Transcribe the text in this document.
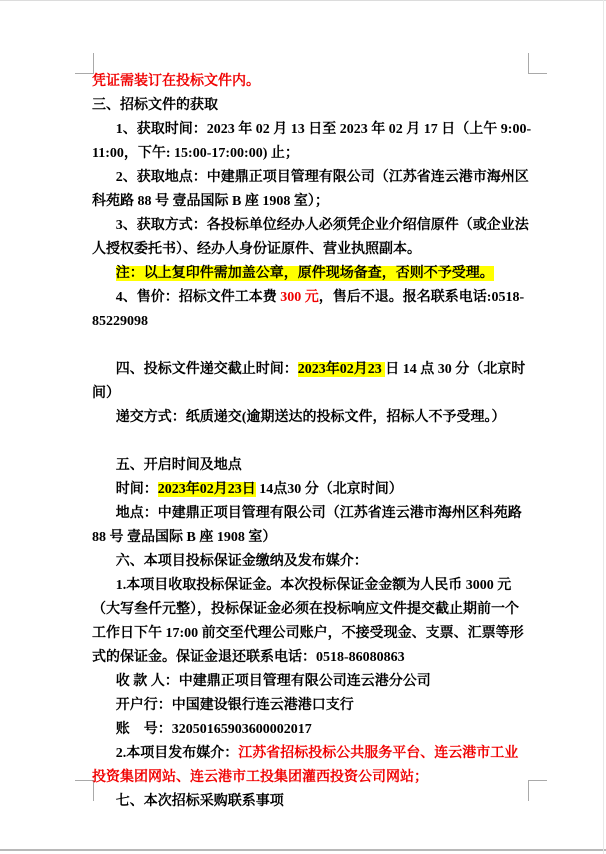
凭证需装订在投标文件内。

三、招标文件的获取

1、获取时间：2023 年 02 月 13 日至 2023 年 02 月 17 日（上午 9:00-11:00，下午: 15:00-17:00:00) 止；

2、获取地点：中建鼎正项目管理有限公司（江苏省连云港市海州区科苑路 88 号 壹品国际 B 座 1908 室）；

3、获取方式：各投标单位经办人必须凭企业介绍信原件（或企业法人授权委托书）、经办人身份证原件、营业执照副本。

注：以上复印件需加盖公章，原件现场备查，否则不予受理。

4、售价：招标文件工本费 300 元，售后不退。报名联系电话:0518-85229098

四、投标文件递交截止时间：2023年02月23 日 14 点 30 分（北京时间）

递交方式：纸质递交(逾期送达的投标文件，招标人不予受理。）

五、开启时间及地点

时间：2023年02月23日 14点30 分（北京时间）

地点：中建鼎正项目管理有限公司（江苏省连云港市海州区科苑路 88 号 壹品国际 B 座 1908 室）

六、本项目投标保证金缴纳及发布媒介：

1.本项目收取投标保证金。本次投标保证金金额为人民币 3000 元（大写叁仟元整），投标保证金必须在投标响应文件提交截止期前一个工作日下午 17:00 前交至代理公司账户，不接受现金、支票、汇票等形式的保证金。保证金退还联系电话：0518-86080863

收 款 人：中建鼎正项目管理有限公司连云港分公司

开户行：中国建设银行连云港港口支行

账　号：32050165903600002017

2.本项目发布媒介：江苏省招标投标公共服务平台、连云港市工业投资集团网站、连云港市工投集团灌西投资公司网站；

七、本次招标采购联系事项
